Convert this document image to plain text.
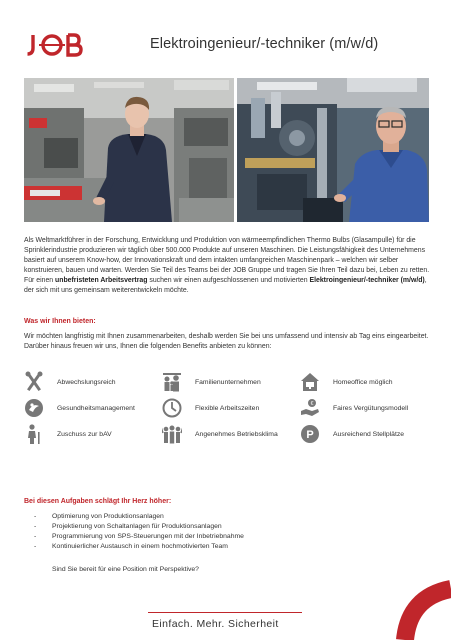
Elektroingenieur/-techniker (m/w/d)
Als Weltmarktführer in der Forschung, Entwicklung und Produktion von wärmeempfindlichen Thermo Bulbs (Glasampulle) für die Sprinklerindustrie produzieren wir täglich über 500.000 Produkte auf unseren Maschinen. Die Leistungsfähigkeit des Unternehmens basiert auf unserem Know-how, der Innovationskraft und dem intakten umfangreichen Maschinenpark – welchen wir selber konstruieren, bauen und warten. Werden Sie Teil des Teams bei der JOB Gruppe und tragen Sie Ihren Teil dazu bei, Leben zu retten. Für einen unbefristeten Arbeitsvertrag suchen wir einen aufgeschlossenen und motivierten Elektroingenieur/-techniker (m/w/d), der sich mit uns gemeinsam weiterentwickeln möchte.
Was wir Ihnen bieten:
Wir möchten langfristig mit Ihnen zusammenarbeiten, deshalb werden Sie bei uns umfassend und intensiv ab Tag eins eingearbeitet. Darüber hinaus freuen wir uns, Ihnen die folgenden Benefits anbieten zu können:
Abwechslungsreich	Familienunternehmen	Homeoffice möglich
Gesundheitsmanagement	Flexible Arbeitszeiten
€
Faires Vergütungsmodell
Zuschuss zur bAV	Angenehmes Betriebsklima	P	Ausreichend Stellplätze
Bei diesen Aufgaben schlägt Ihr Herz höher:
-	Optimierung von Produktionsanlagen
-	Projektierung von Schaltanlagen für Produktionsanlagen
-	Programmierung von SPS-Steuerungen mit der Inbetriebnahme
-	Kontinuierlicher Austausch in einem hochmotivierten Team
Sind Sie bereit für eine Position mit Perspektive?
Einfach. Mehr. Sicherheit
